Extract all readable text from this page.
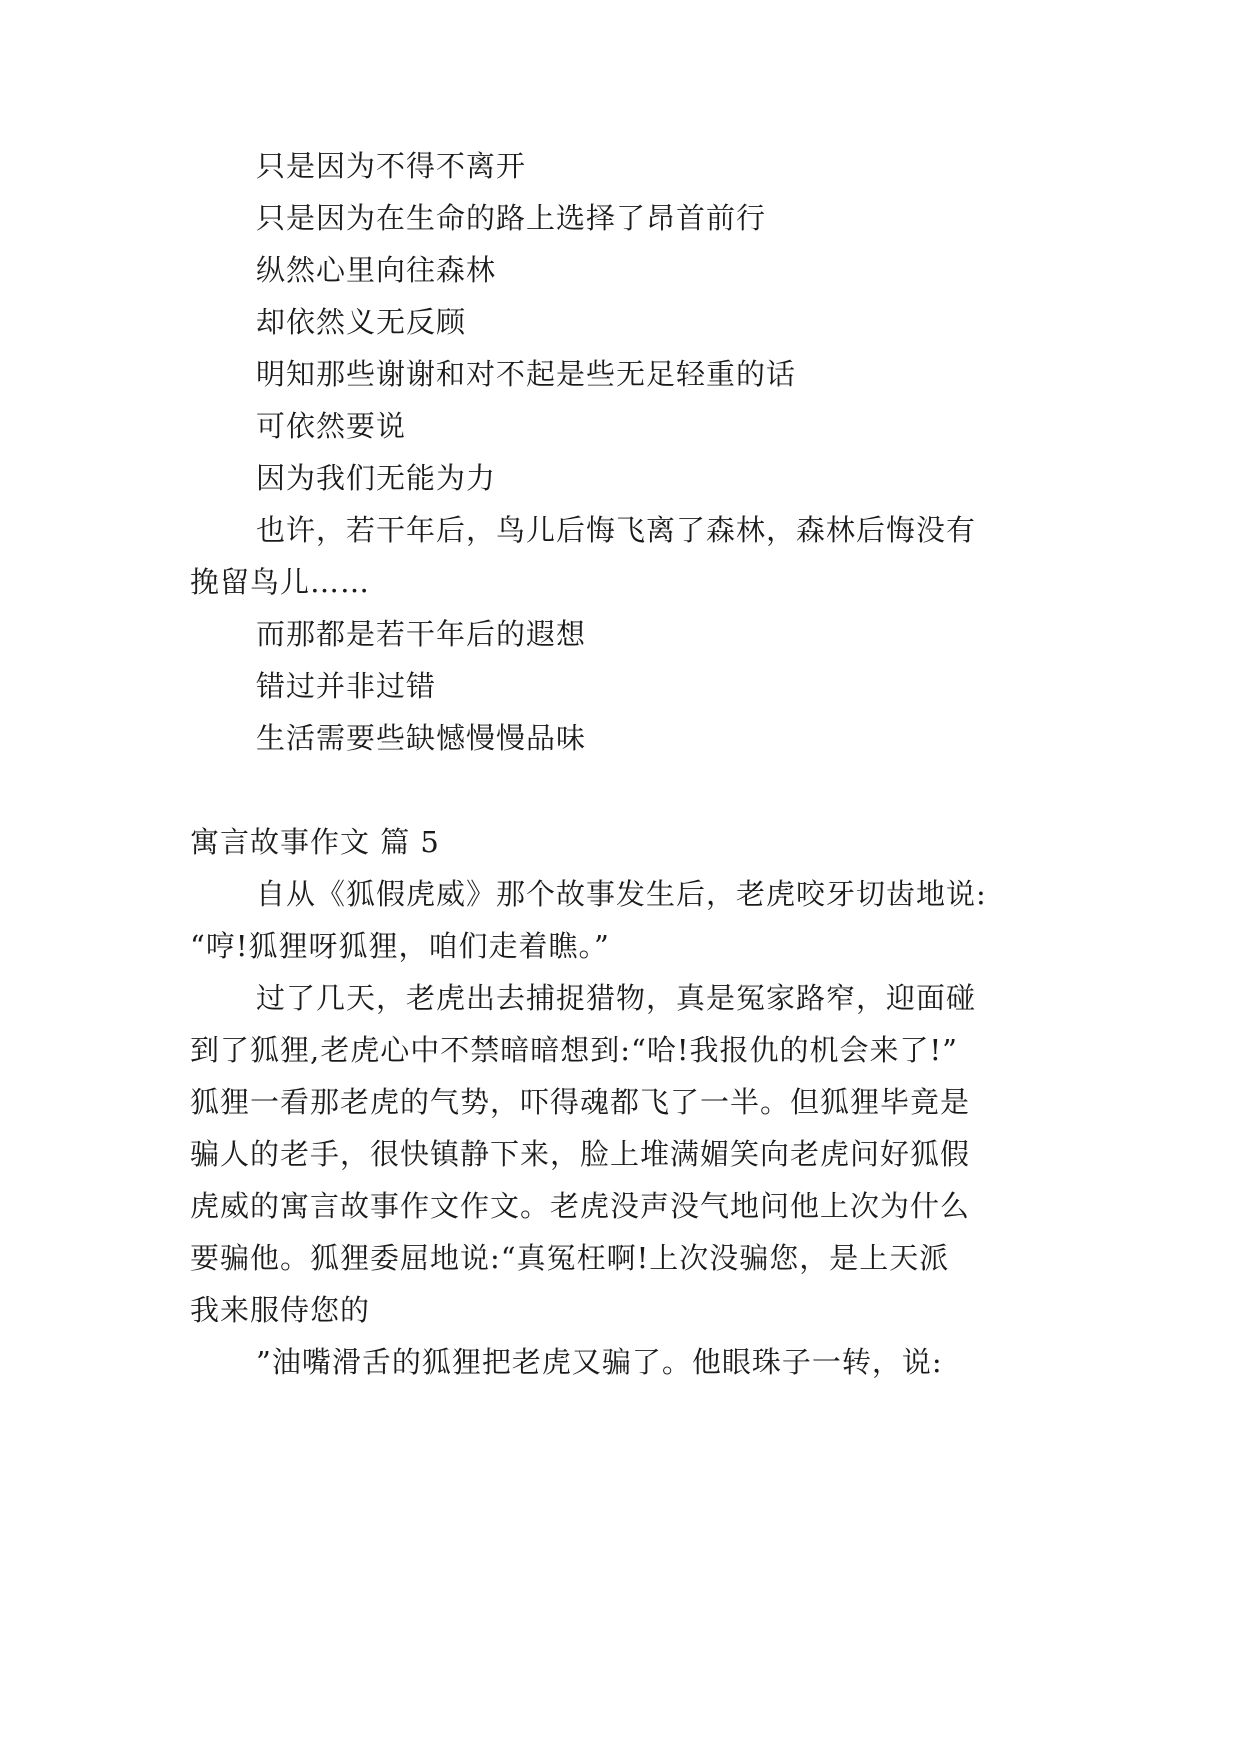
只是因为不得不离开
只是因为在生命的路上选择了昂首前行
纵然心里向往森林
却依然义无反顾
明知那些谢谢和对不起是些无足轻重的话
可依然要说
因为我们无能为力
也许，若干年后，鸟儿后悔飞离了森林，森林后悔没有
挽留鸟儿……
而那都是若干年后的遐想
错过并非过错
生活需要些缺憾慢慢品味
寓言故事作文 篇 5
自从《狐假虎威》那个故事发生后，老虎咬牙切齿地说:
“哼!狐狸呀狐狸，咱们走着瞧。”
过了几天，老虎出去捕捉猎物，真是冤家路窄，迎面碰
到了狐狸,老虎心中不禁暗暗想到:“哈!我报仇的机会来了!”
狐狸一看那老虎的气势，吓得魂都飞了一半。但狐狸毕竟是
骗人的老手，很快镇静下来，脸上堆满媚笑向老虎问好狐假
虎威的寓言故事作文作文。老虎没声没气地问他上次为什么
要骗他。狐狸委屈地说:“真冤枉啊!上次没骗您，是上天派
我来服侍您的
”油嘴滑舌的狐狸把老虎又骗了。他眼珠子一转，说:
